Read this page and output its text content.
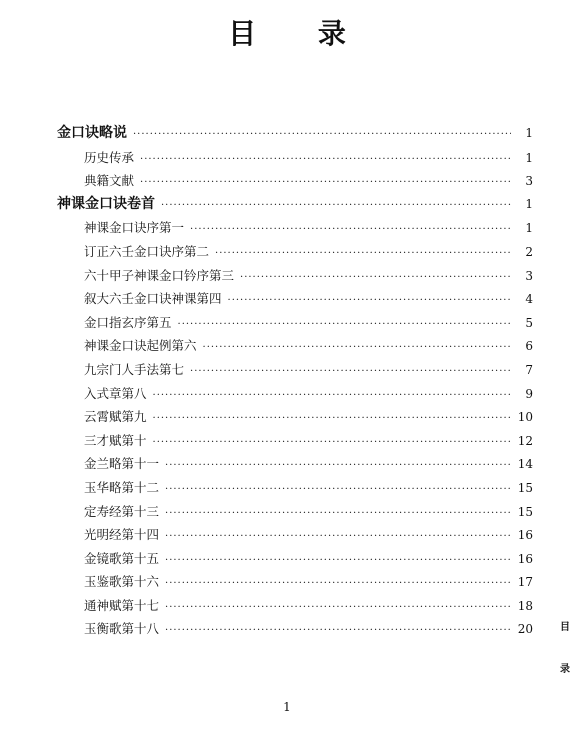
目 录
金口诀略说 ·····	1
历史传承 ·····	1
典籍文献 ·····	3
神课金口诀卷首 ·····	1
神课金口诀序第一 ·····	1
订正六壬金口诀序第二 ·····	2
六十甲子神课金口钤序第三 ·····	3
叙大六壬金口诀神课第四 ·····	4
金口指玄序第五 ·····	5
神课金口诀起例第六 ·····	6
九宗门人手法第七 ·····	7
入式章第八 ·····	9
云霄赋第九 ·····	10
三才赋第十 ·····	12
金兰略第十一 ·····	14
玉华略第十二 ·····	15
定寿经第十三 ·····	15
光明经第十四 ·····	16
金镜歌第十五 ·····	16
玉鉴歌第十六 ·····	17
通神赋第十七 ·····	18
玉衡歌第十八 ·····	20	目
录
1
